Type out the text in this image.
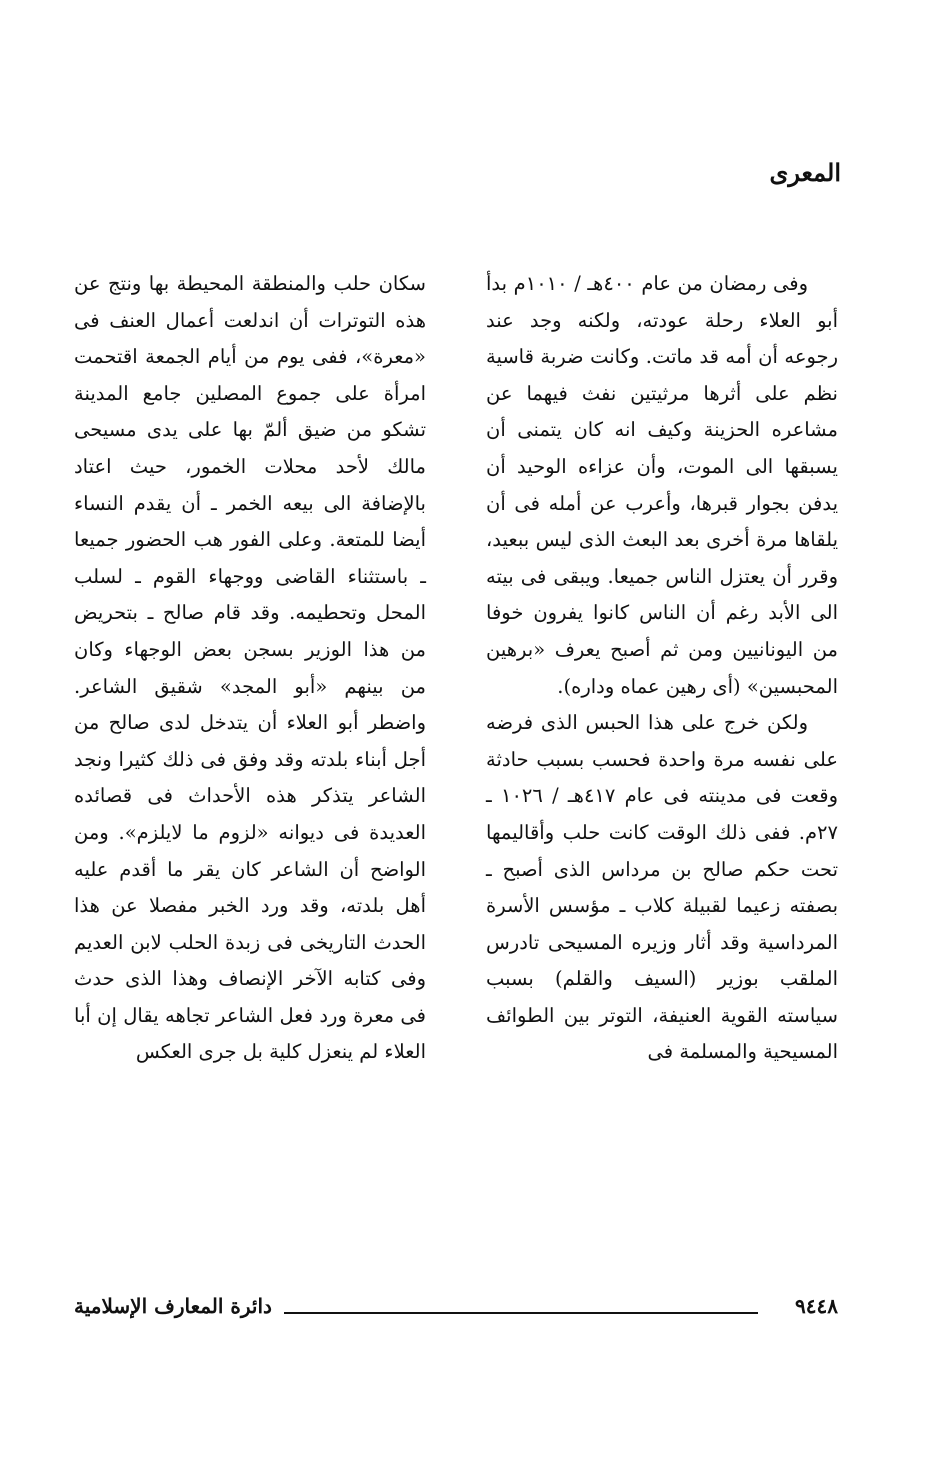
المعرى

وفى رمضان من عام ٤٠٠هـ / ١٠١٠م بدأ أبو العلاء رحلة عودته، ولكنه وجد عند رجوعه أن أمه قد ماتت. وكانت ضربة قاسية نظم على أثرها مرثيتين نفث فيهما عن مشاعره الحزينة وكيف انه كان يتمنى أن يسبقها الى الموت، وأن عزاءه الوحيد أن يدفن بجوار قبرها، وأعرب عن أمله فى أن يلقاها مرة أخرى بعد البعث الذى ليس ببعيد، وقرر أن يعتزل الناس جميعا. ويبقى فى بيته الى الأبد رغم أن الناس كانوا يفرون خوفا من اليونانيين ومن ثم أصبح يعرف «برهين المحبسين» (أى رهين عماه وداره).

ولكن خرج على هذا الحبس الذى فرضه على نفسه مرة واحدة فحسب بسبب حادثة وقعت فى مدينته فى عام ٤١٧هـ / ١٠٢٦ ـ ٢٧م. ففى ذلك الوقت كانت حلب وأقاليمها تحت حكم صالح بن مرداس الذى أصبح ـ بصفته زعيما لقبيلة كلاب ـ مؤسس الأسرة المرداسية وقد أثار وزيره المسيحى تادرس الملقب بوزير (السيف والقلم) بسبب سياسته القوية العنيفة، التوتر بين الطوائف المسيحية والمسلمة فى

سكان حلب والمنطقة المحيطة بها ونتج عن هذه التوترات أن اندلعت أعمال العنف فى «معرة»، ففى يوم من أيام الجمعة اقتحمت امرأة على جموع المصلين جامع المدينة تشكو من ضيق ألمّ بها على يدى مسيحى مالك لأحد محلات الخمور، حيث اعتاد بالإضافة الى بيعه الخمر ـ أن يقدم النساء أيضا للمتعة. وعلى الفور هب الحضور جميعا ـ باستثناء القاضى ووجهاء القوم ـ لسلب المحل وتحطيمه. وقد قام صالح ـ بتحريض من هذا الوزير بسجن بعض الوجهاء وكان من بينهم «أبو المجد» شقيق الشاعر. واضطر أبو العلاء أن يتدخل لدى صالح من أجل أبناء بلدته وقد وفق فى ذلك كثيرا ونجد الشاعر يتذكر هذه الأحداث فى قصائده العديدة فى ديوانه «لزوم ما لايلزم». ومن الواضح أن الشاعر كان يقر ما أقدم عليه أهل بلدته، وقد ورد الخبر مفصلا عن هذا الحدث التاريخى فى زبدة الحلب لابن العديم وفى كتابه الآخر الإنصاف وهذا الذى حدث فى معرة ورد فعل الشاعر تجاهه يقال إن أبا العلاء لم ينعزل كلية بل جرى العكس

دائرة المعارف الإسلامية	٩٤٤٨
